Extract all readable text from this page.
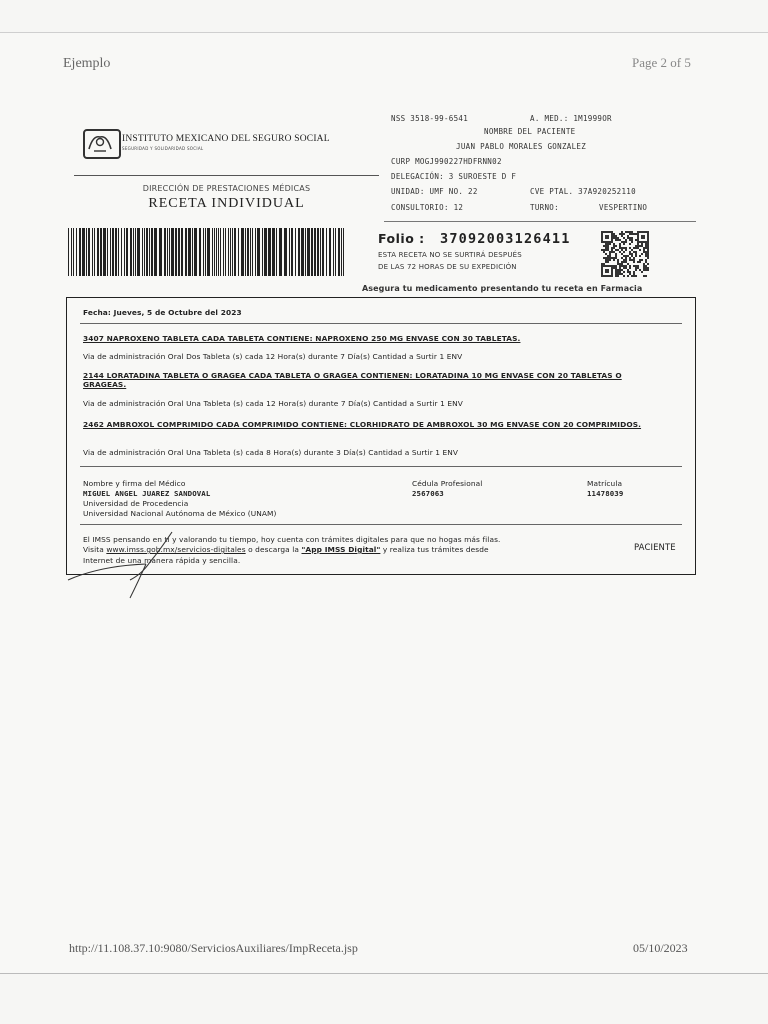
Ejemplo	Page 2 of 5
INSTITUTO MEXICANO DEL SEGURO SOCIAL
SEGURIDAD Y SOLIDARIDAD SOCIAL
DIRECCIÓN DE PRESTACIONES MÉDICAS
RECETA INDIVIDUAL
NSS 3518-99-6541	A. MED.: 1M1999OR
NOMBRE DEL PACIENTE
JUAN PABLO MORALES GONZALEZ
CURP MOGJ990227HDFRNN02
DELEGACIÓN: 3 SUROESTE D F
UNIDAD: UMF NO. 22	CVE PTAL. 37A920252110
CONSULTORIO: 12	TURNO:	VESPERTINO
Folio : 37092003126411
ESTA RECETA NO SE SURTIRÁ DESPUÉS
DE LAS 72 HORAS DE SU EXPEDICIÓN
Asegura tu medicamento presentando tu receta en Farmacia
Fecha: Jueves, 5 de Octubre del 2023
3407 NAPROXENO TABLETA CADA TABLETA CONTIENE: NAPROXENO 250 MG ENVASE CON 30 TABLETAS.
Via de administración Oral Dos Tableta (s) cada 12 Hora(s) durante 7 Día(s) Cantidad a Surtir 1 ENV
2144 LORATADINA TABLETA O GRAGEA CADA TABLETA O GRAGEA CONTIENEN: LORATADINA 10 MG ENVASE CON 20 TABLETAS O GRAGEAS.
Via de administración Oral Una Tableta (s) cada 12 Hora(s) durante 7 Día(s) Cantidad a Surtir 1 ENV
2462 AMBROXOL COMPRIMIDO CADA COMPRIMIDO CONTIENE: CLORHIDRATO DE AMBROXOL 30 MG ENVASE CON 20 COMPRIMIDOS.
Via de administración Oral Una Tableta (s) cada 8 Hora(s) durante 3 Día(s) Cantidad a Surtir 1 ENV
Nombre y firma del Médico
MIGUEL ANGEL JUAREZ SANDOVAL
Universidad de Procedencia
Universidad Nacional Autónoma de México (UNAM)
Cédula Profesional
2567063
Matrícula
11478039
El IMSS pensando en ti y valorando tu tiempo, hoy cuenta con trámites digitales para que no hogas más filas.
Visita www.imss.gob.mx/servicios-digitales o descarga la "App IMSS Digital" y realiza tus trámites desde
Internet de una manera rápida y sencilla.
PACIENTE
http://11.108.37.10:9080/ServiciosAuxiliares/ImpReceta.jsp	05/10/2023
